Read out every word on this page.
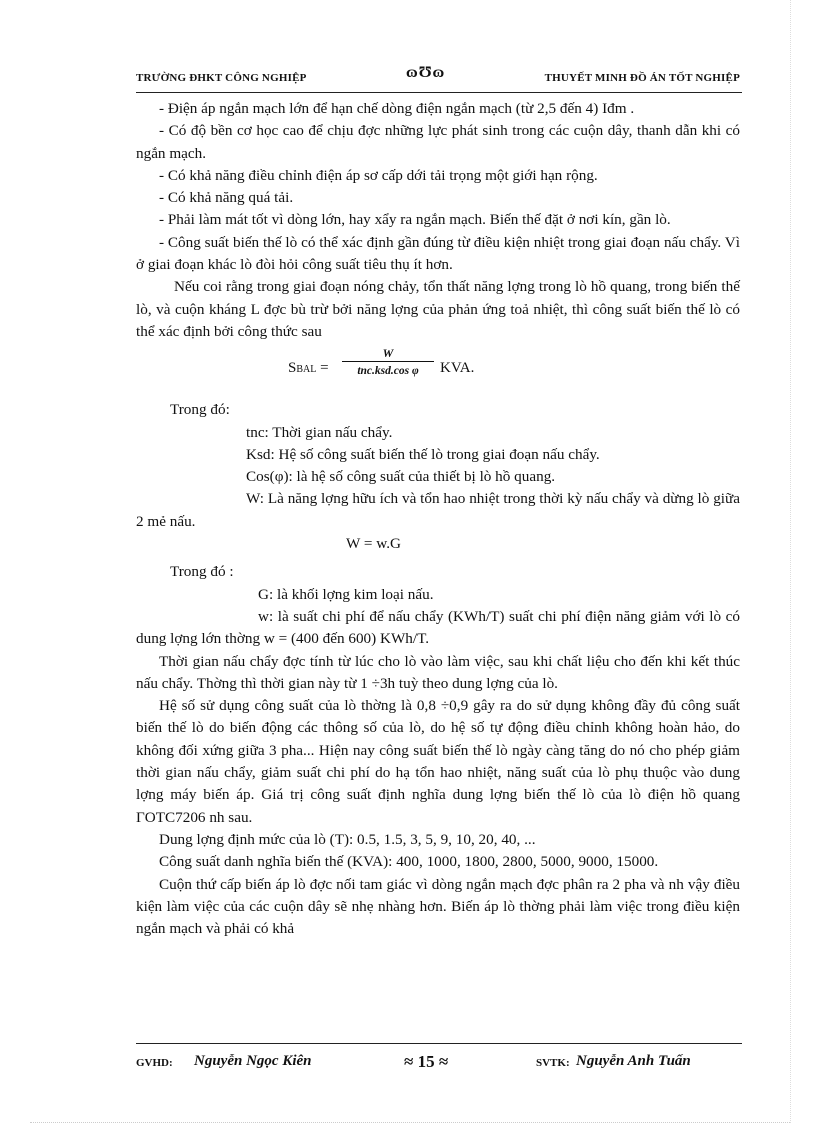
TRƯỜNG ĐHKT CÔNG NGHIỆP	ɷƱɷ	THUYẾT MINH ĐỒ ÁN TỐT NGHIỆP

- Điện áp ngắn mạch lớn để hạn chế dòng điện ngắn mạch (từ 2,5 đến 4) Iđm .

- Có độ bền cơ học cao để chịu đợc những lực phát sinh trong các cuộn dây, thanh dẫn khi có ngắn mạch.

- Có khả năng điều chỉnh điện áp sơ cấp dới tải trọng một giới hạn rộng.

- Có khả năng quá tải.

- Phải làm mát tốt vì dòng lớn, hay xẩy ra ngắn mạch. Biến thế đặt ở nơi kín, gần lò.

- Công suất biến thế lò có thể xác định gần đúng từ điều kiện nhiệt trong giai đoạn nấu chẩy. Vì ở giai đoạn khác lò đòi hỏi công suất tiêu thụ ít hơn.

Nếu coi rằng trong giai đoạn nóng chảy, tổn thất năng lợng trong lò hồ quang, trong biến thế lò, và cuộn kháng L đợc bù trừ bởi năng lợng của phản ứng toả nhiệt, thì công suất biến thế lò có thể xác định bởi công thức sau

SBAL =
W
tnc.ksd.cos φ	KVA.

Trong đó:

tnc: Thời gian nấu chẩy.

Ksd: Hệ số công suất biến thế lò trong giai đoạn nấu chẩy.

Cos(φ): là hệ số công suất của thiết bị lò hồ quang.

W: Là năng lợng hữu ích và tổn hao nhiệt trong thời kỳ nấu chẩy và dừng lò giữa 2 mẻ nấu.

W = w.G

Trong đó :

G: là khối lợng kim loại nấu.

w: là suất chi phí để nấu chẩy (KWh/T) suất chi phí điện năng giảm với lò có dung lợng lớn thờng w = (400 đến 600) KWh/T.

Thời gian nấu chẩy đợc tính từ lúc cho lò vào làm việc, sau khi chất liệu cho đến khi kết thúc nấu chẩy. Thờng thì thời gian này từ 1 ÷3h tuỳ theo dung lợng của lò.

Hệ số sử dụng công suất của lò thờng là 0,8 ÷0,9 gây ra do sử dụng không đầy đủ công suất biến thế lò do biến động các thông số của lò, do hệ số tự động điều chỉnh không hoàn hảo, do không đối xứng giữa 3 pha... Hiện nay công suất biến thế lò ngày càng tăng do nó cho phép giảm thời gian nấu chẩy, giảm suất chi phí do hạ tổn hao nhiệt, năng suất của lò phụ thuộc vào dung lợng máy biến áp. Giá trị công suất định nghĩa dung lợng biến thế lò của lò điện hồ quang ΓOTC7206 nh sau.

Dung lợng định mức của lò (T): 0.5, 1.5, 3, 5, 9, 10, 20, 40, ...

Công suất danh nghĩa biến thế (KVA): 400, 1000, 1800, 2800, 5000, 9000, 15000.

Cuộn thứ cấp biến áp lò đợc nối tam giác vì dòng ngắn mạch đợc phân ra 2 pha và nh vậy điều kiện làm việc của các cuộn dây sẽ nhẹ nhàng hơn. Biến áp lò thờng phải làm việc trong điều kiện ngắn mạch và phải có khả

GVHD: Nguyễn Ngọc Kiên	≈ 15 ≈	SVTK: Nguyễn Anh Tuấn
